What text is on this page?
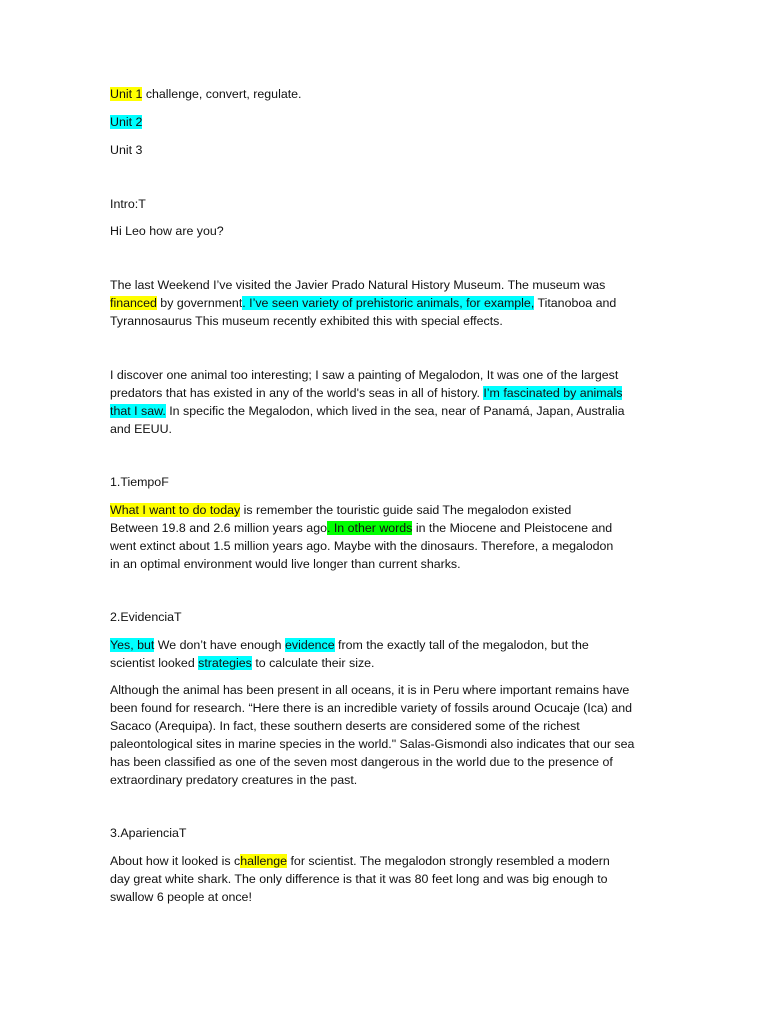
Unit 1 challenge, convert, regulate.
Unit 2
Unit 3
Intro:T
Hi Leo how are you?
The last Weekend I’ve visited the Javier Prado Natural History Museum. The museum was
financed by government. I’ve seen variety of prehistoric animals, for example, Titanoboa and
Tyrannosaurus This museum recently exhibited this with special effects.
I discover one animal too interesting; I saw a painting of Megalodon, It was one of the largest
predators that has existed in any of the world's seas in all of history. I’m fascinated by animals
that I saw. In specific the Megalodon, which lived in the sea, near of Panamá, Japan, Australia
and EEUU.
1.TiempoF
What I want to do today is remember the touristic guide said The megalodon existed
Between 19.8 and 2.6 million years ago. In other words in the Miocene and Pleistocene and
went extinct about 1.5 million years ago. Maybe with the dinosaurs. Therefore, a megalodon
in an optimal environment would live longer than current sharks.
2.EvidenciaT
Yes, but We don’t have enough evidence from the exactly tall of the megalodon, but the
scientist looked strategies to calculate their size.
Although the animal has been present in all oceans, it is in Peru where important remains have
been found for research. “Here there is an incredible variety of fossils around Ocucaje (Ica) and
Sacaco (Arequipa). In fact, these southern deserts are considered some of the richest
paleontological sites in marine species in the world." Salas-Gismondi also indicates that our sea
has been classified as one of the seven most dangerous in the world due to the presence of
extraordinary predatory creatures in the past.
3.AparienciaT
About how it looked is challenge for scientist. The megalodon strongly resembled a modern
day great white shark. The only difference is that it was 80 feet long and was big enough to
swallow 6 people at once!
